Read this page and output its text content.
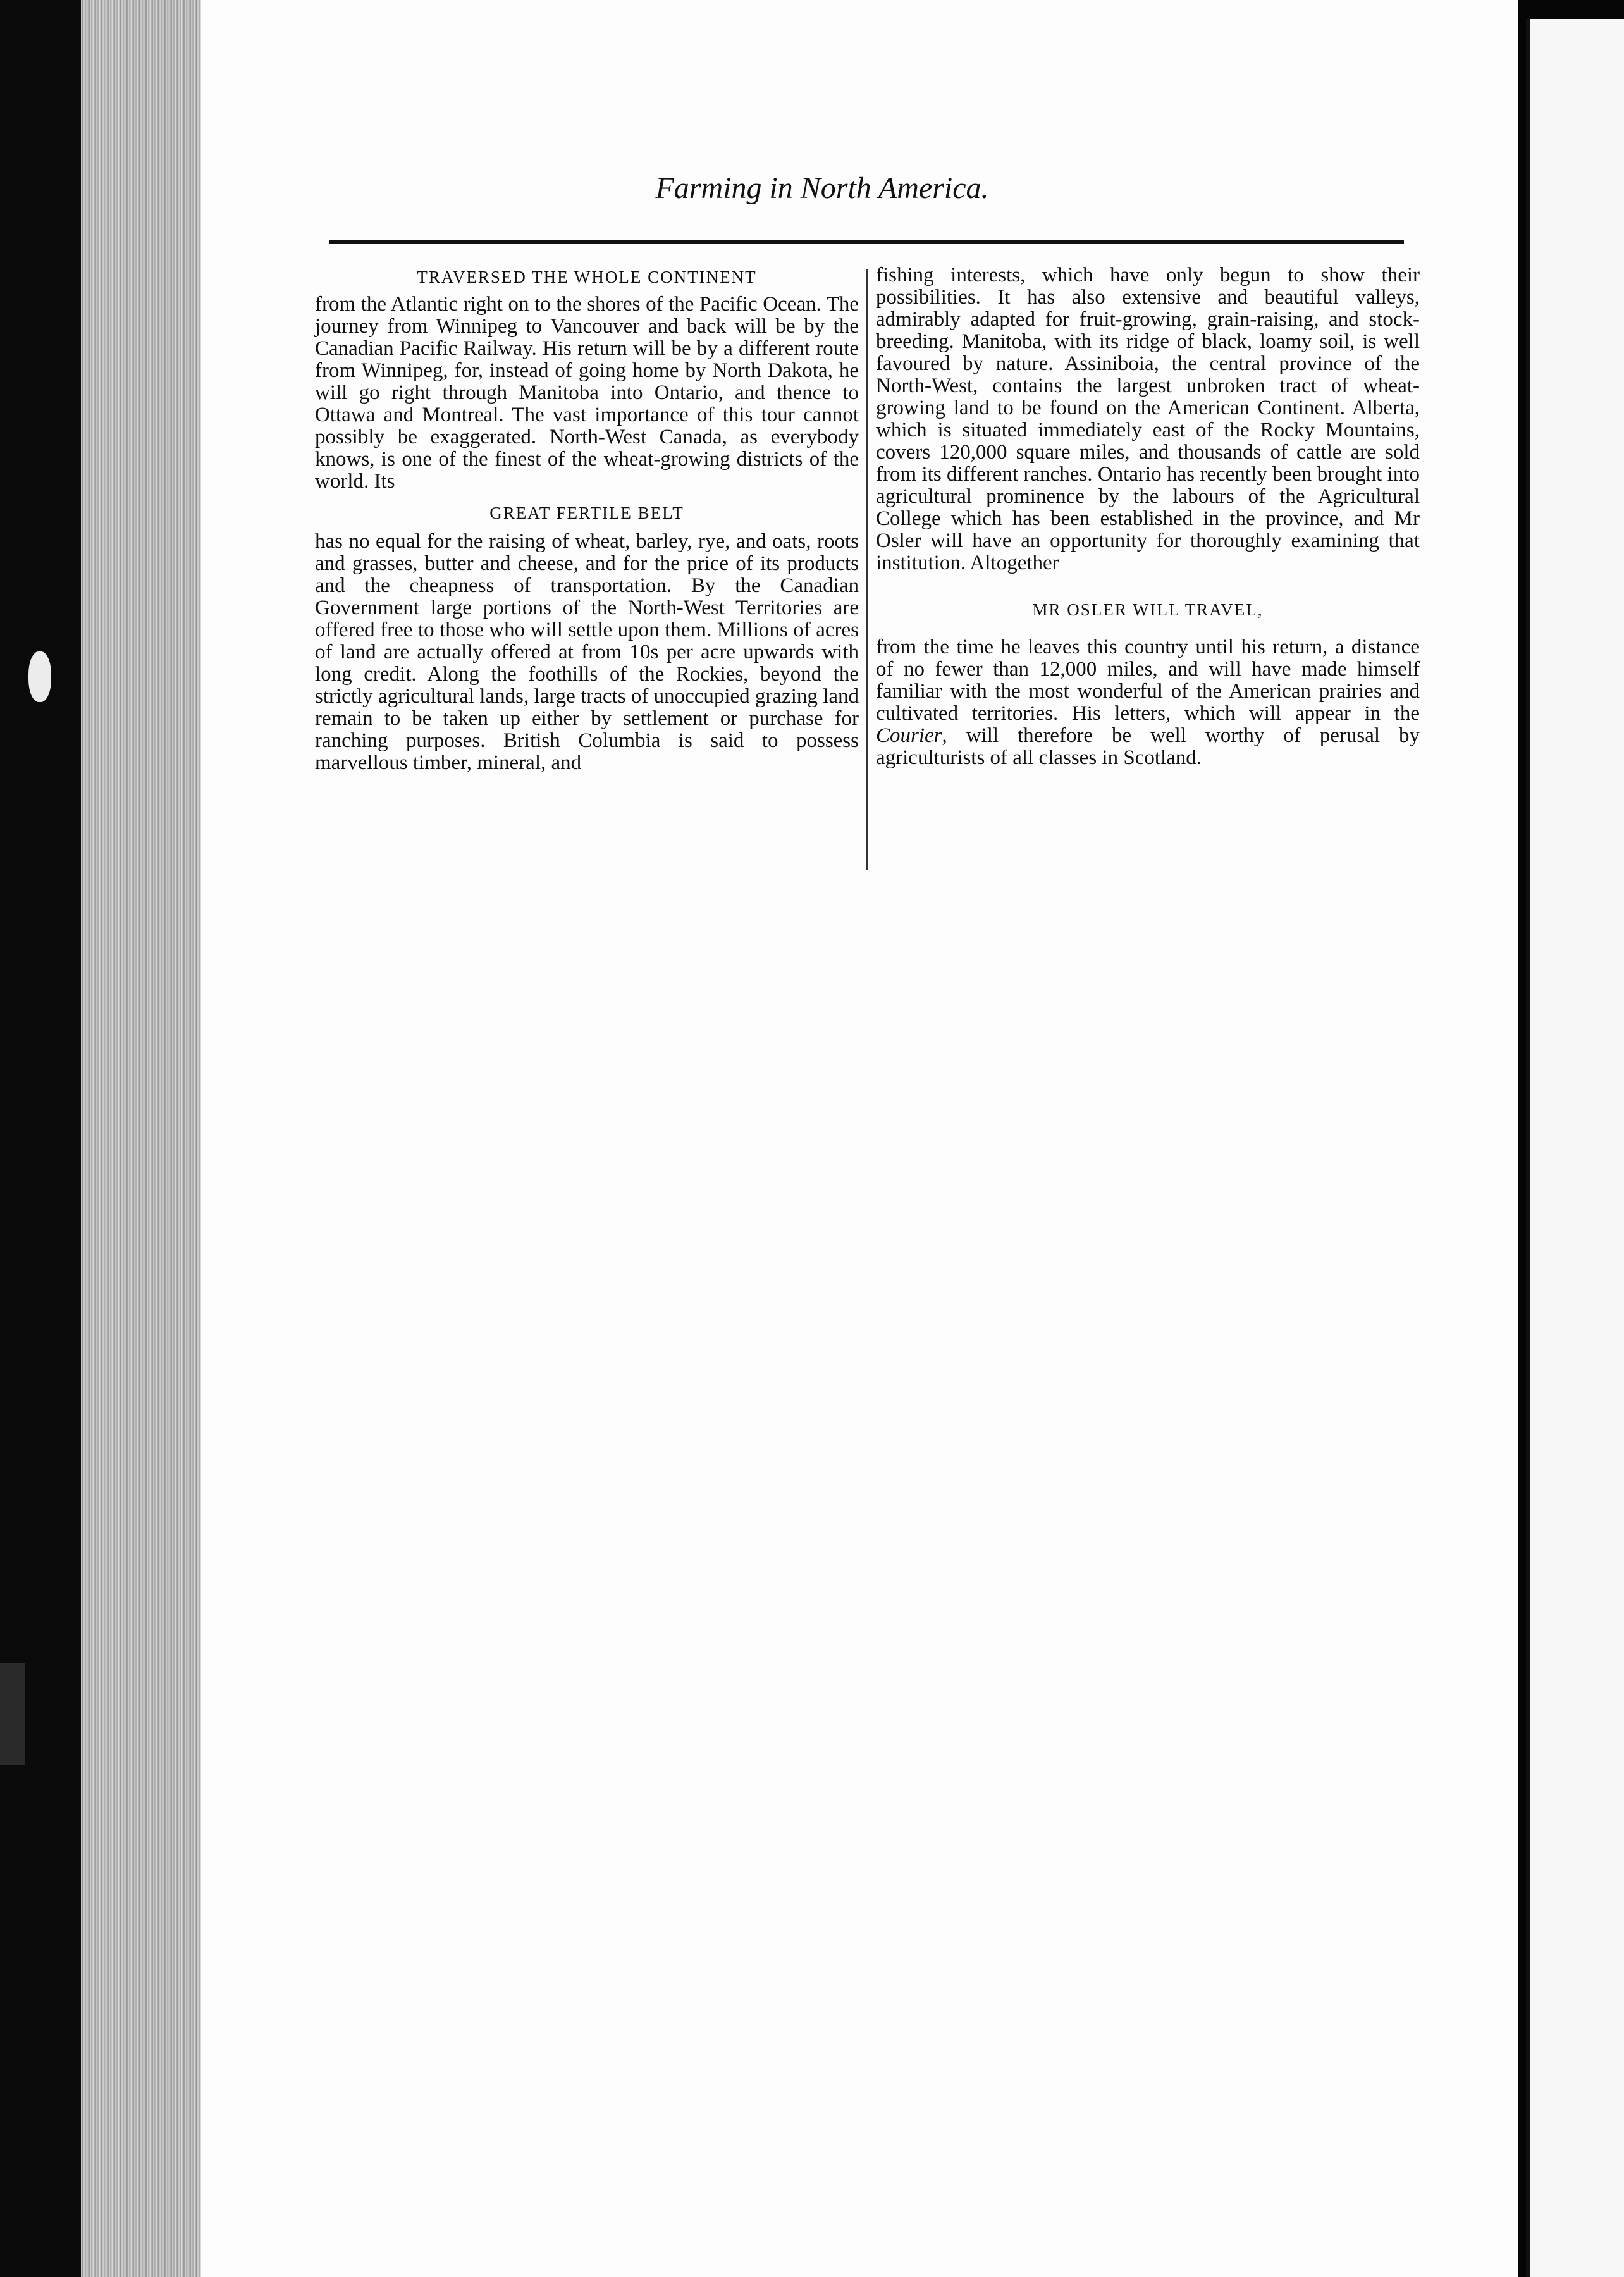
Farming in North America.
TRAVERSED THE WHOLE CONTINENT

from the Atlantic right on to the shores of the Pacific Ocean. The journey from Winnipeg to Vancouver and back will be by the Canadian Pacific Railway. His return will be by a different route from Winnipeg, for, instead of going home by North Dakota, he will go right through Manitoba into Ontario, and thence to Ottawa and Montreal. The vast importance of this tour cannot possibly be exaggerated. North-West Canada, as everybody knows, is one of the finest of the wheat-growing districts of the world. Its

GREAT FERTILE BELT

has no equal for the raising of wheat, barley, rye, and oats, roots and grasses, butter and cheese, and for the price of its products and the cheapness of transportation. By the Canadian Government large portions of the North-West Territories are offered free to those who will settle upon them. Millions of acres of land are actually offered at from 10s per acre upwards with long credit. Along the foothills of the Rockies, beyond the strictly agricultural lands, large tracts of unoccupied grazing land remain to be taken up either by settlement or purchase for ranching purposes. British Columbia is said to possess marvellous timber, mineral, and

fishing interests, which have only begun to show their possibilities. It has also extensive and beautiful valleys, admirably adapted for fruit-growing, grain-raising, and stock-breeding. Manitoba, with its ridge of black, loamy soil, is well favoured by nature. Assiniboia, the central province of the North-West, contains the largest unbroken tract of wheat-growing land to be found on the American Continent. Alberta, which is situated immediately east of the Rocky Mountains, covers 120,000 square miles, and thousands of cattle are sold from its different ranches. Ontario has recently been brought into agricultural prominence by the labours of the Agricultural College which has been established in the province, and Mr Osler will have an opportunity for thoroughly examining that institution. Altogether

MR OSLER WILL TRAVEL,

from the time he leaves this country until his return, a distance of no fewer than 12,000 miles, and will have made himself familiar with the most wonderful of the American prairies and cultivated territories. His letters, which will appear in the Courier, will therefore be well worthy of perusal by agriculturists of all classes in Scotland.
